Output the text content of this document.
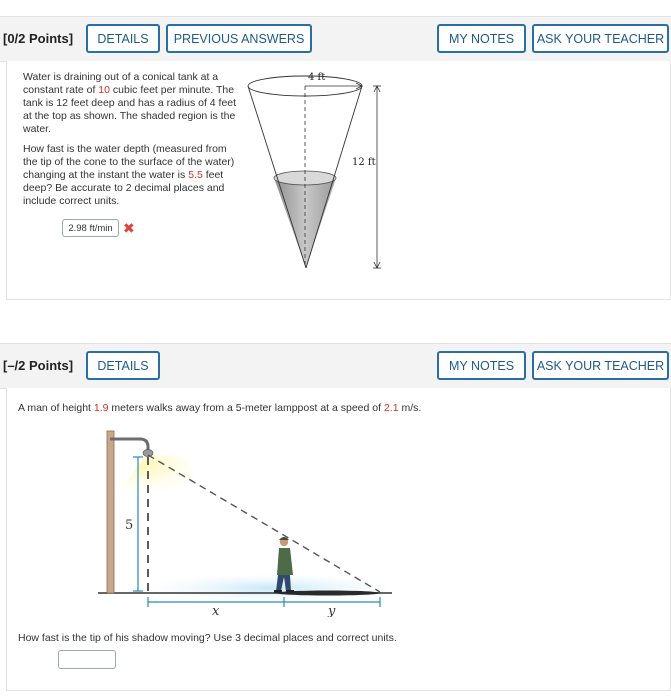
[0/2 Points]	DETAILS	PREVIOUS ANSWERS	MY NOTES	ASK YOUR TEACHER
Water is draining out of a conical tank at a constant rate of 10 cubic feet per minute. The tank is 12 feet deep and has a radius of 4 feet at the top as shown. The shaded region is the water.
How fast is the water depth (measured from the tip of the cone to the surface of the water) changing at the instant the water is 5.5 feet deep? Be accurate to 2 decimal places and include correct units.
2.98 ft/min ✖
4 ft
12 ft
[–/2 Points]	DETAILS	MY NOTES	ASK YOUR TEACHER
A man of height 1.9 meters walks away from a 5-meter lamppost at a speed of 2.1 m/s.
5
x	y
How fast is the tip of his shadow moving? Use 3 decimal places and correct units.
